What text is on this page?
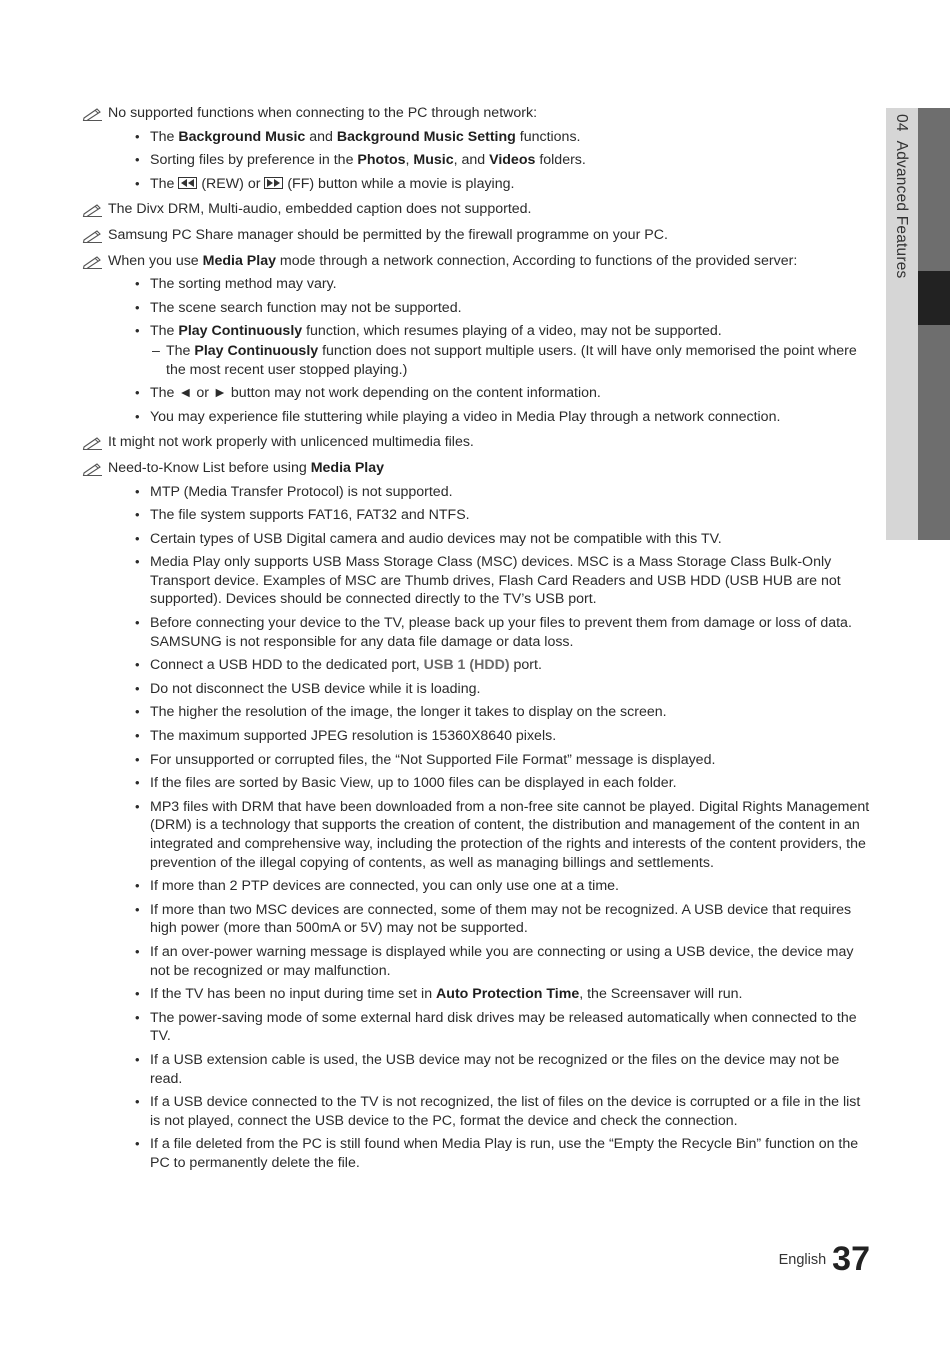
No supported functions when connecting to the PC through network:
• The Background Music and Background Music Setting functions.
• Sorting files by preference in the Photos, Music, and Videos folders.
• The
(REW) or
(FF) button while a movie is playing.
The Divx DRM, Multi-audio, embedded caption does not supported.
Samsung PC Share manager should be permitted by the firewall programme on your PC.
When you use Media Play mode through a network connection, According to functions of the provided server:
• The sorting method may vary.
• The scene search function may not be supported.
• The Play Continuously function, which resumes playing of a video, may not be supported.
– The Play Continuously function does not support multiple users. (It will have only memorised the point where the most recent user stopped playing.)
• The ◄ or ► button may not work depending on the content information.
• You may experience file stuttering while playing a video in Media Play through a network connection.
It might not work properly with unlicenced multimedia files.
Need-to-Know List before using Media Play
• MTP (Media Transfer Protocol) is not supported.
• The file system supports FAT16, FAT32 and NTFS.
• Certain types of USB Digital camera and audio devices may not be compatible with this TV.
• Media Play only supports USB Mass Storage Class (MSC) devices. MSC is a Mass Storage Class Bulk-Only Transport device. Examples of MSC are Thumb drives, Flash Card Readers and USB HDD (USB HUB are not supported). Devices should be connected directly to the TV’s USB port.
• Before connecting your device to the TV, please back up your files to prevent them from damage or loss of data. SAMSUNG is not responsible for any data file damage or data loss.
• Connect a USB HDD to the dedicated port, USB 1 (HDD) port.
• Do not disconnect the USB device while it is loading.
• The higher the resolution of the image, the longer it takes to display on the screen.
• The maximum supported JPEG resolution is 15360X8640 pixels.
• For unsupported or corrupted files, the “Not Supported File Format” message is displayed.
• If the files are sorted by Basic View, up to 1000 files can be displayed in each folder.
• MP3 files with DRM that have been downloaded from a non-free site cannot be played. Digital Rights Management (DRM) is a technology that supports the creation of content, the distribution and management of the content in an integrated and comprehensive way, including the protection of the rights and interests of the content providers, the prevention of the illegal copying of contents, as well as managing billings and settlements.
• If more than 2 PTP devices are connected, you can only use one at a time.
• If more than two MSC devices are connected, some of them may not be recognized. A USB device that requires high power (more than 500mA or 5V) may not be supported.
• If an over-power warning message is displayed while you are connecting or using a USB device, the device may not be recognized or may malfunction.
• If the TV has been no input during time set in Auto Protection Time, the Screensaver will run.
• The power-saving mode of some external hard disk drives may be released automatically when connected to the TV.
• If a USB extension cable is used, the USB device may not be recognized or the files on the device may not be read.
• If a USB device connected to the TV is not recognized, the list of files on the device is corrupted or a file in the list is not played, connect the USB device to the PC, format the device and check the connection.
• If a file deleted from the PC is still found when Media Play is run, use the “Empty the Recycle Bin” function on the PC to permanently delete the file.
04  Advanced Features
English 37
